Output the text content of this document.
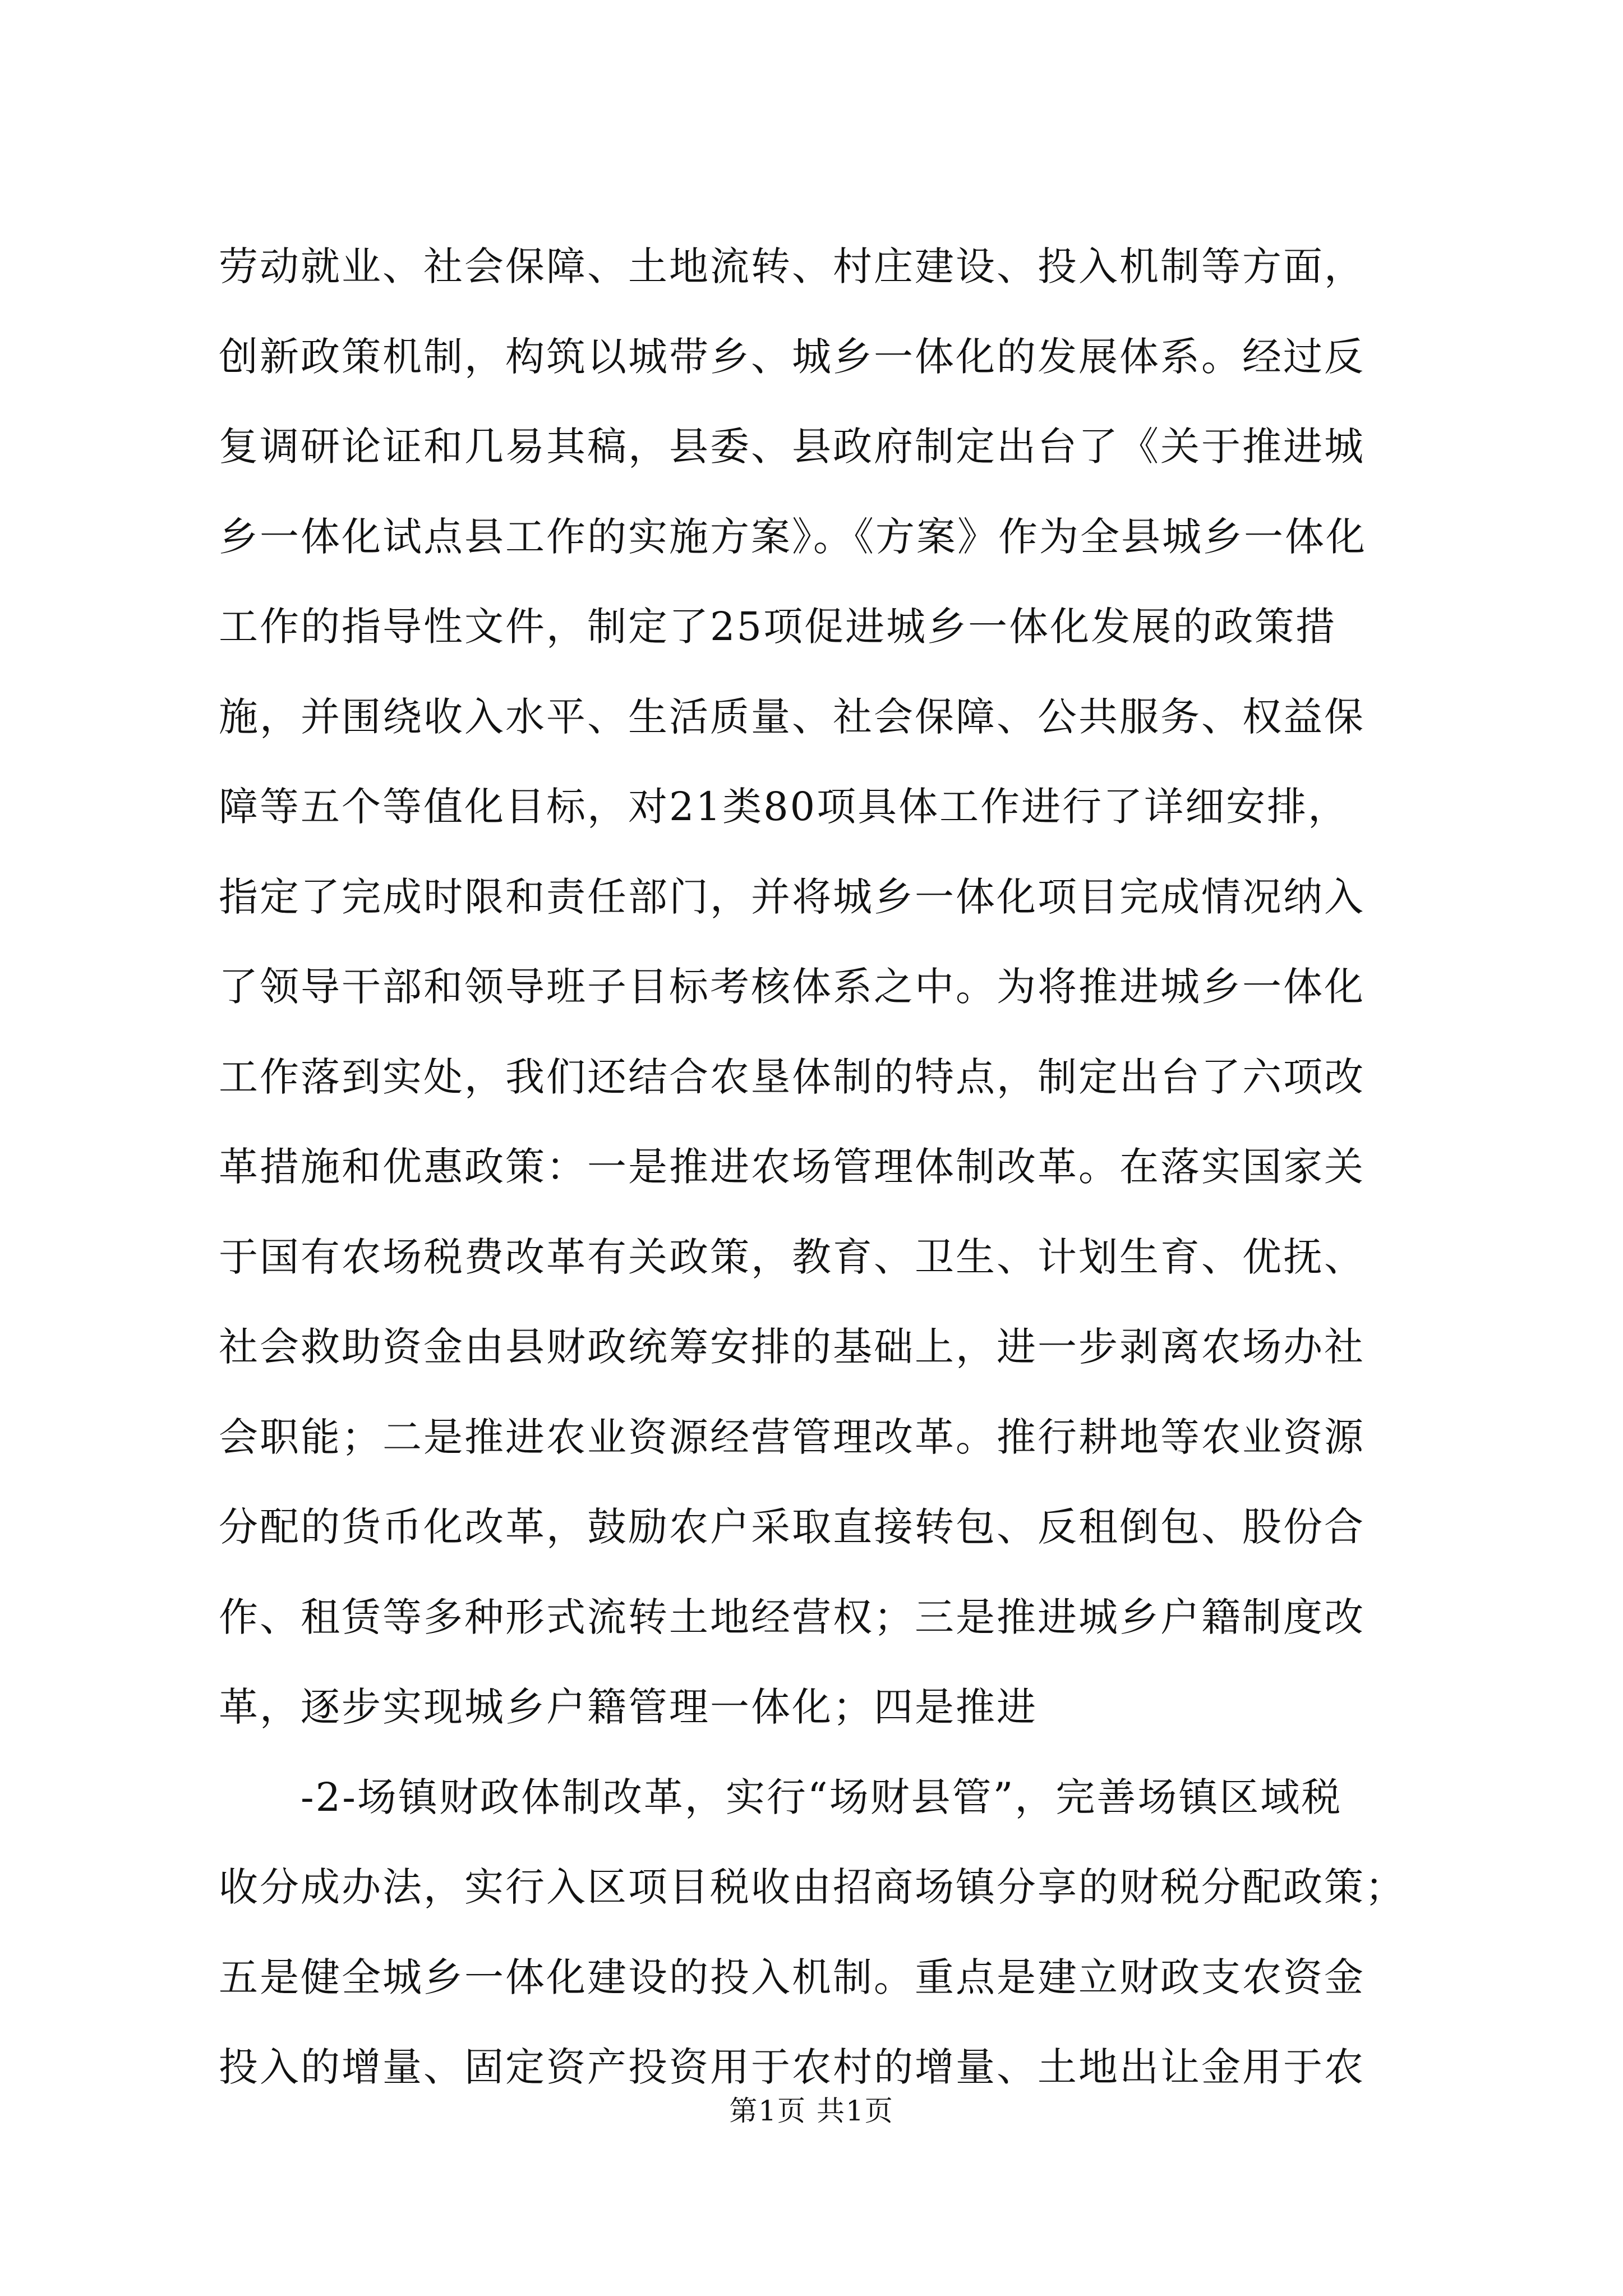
劳动就业、社会保障、土地流转、村庄建设、投入机制等方面，
创新政策机制，构筑以城带乡、城乡一体化的发展体系。经过反
复调研论证和几易其稿，县委、县政府制定出台了《关于推进城
乡一体化试点县工作的实施方案》。《方案》作为全县城乡一体化
工作的指导性文件，制定了25项促进城乡一体化发展的政策措
施，并围绕收入水平、生活质量、社会保障、公共服务、权益保
障等五个等值化目标，对21类80项具体工作进行了详细安排，
指定了完成时限和责任部门，并将城乡一体化项目完成情况纳入
了领导干部和领导班子目标考核体系之中。为将推进城乡一体化
工作落到实处，我们还结合农垦体制的特点，制定出台了六项改
革措施和优惠政策：一是推进农场管理体制改革。在落实国家关
于国有农场税费改革有关政策，教育、卫生、计划生育、优抚、
社会救助资金由县财政统筹安排的基础上，进一步剥离农场办社
会职能；二是推进农业资源经营管理改革。推行耕地等农业资源
分配的货币化改革，鼓励农户采取直接转包、反租倒包、股份合
作、租赁等多种形式流转土地经营权；三是推进城乡户籍制度改
革，逐步实现城乡户籍管理一体化；四是推进
　　-2-场镇财政体制改革，实行“场财县管”，完善场镇区域税
收分成办法，实行入区项目税收由招商场镇分享的财税分配政策；
五是健全城乡一体化建设的投入机制。重点是建立财政支农资金
投入的增量、固定资产投资用于农村的增量、土地出让金用于农
第1页 共1页
